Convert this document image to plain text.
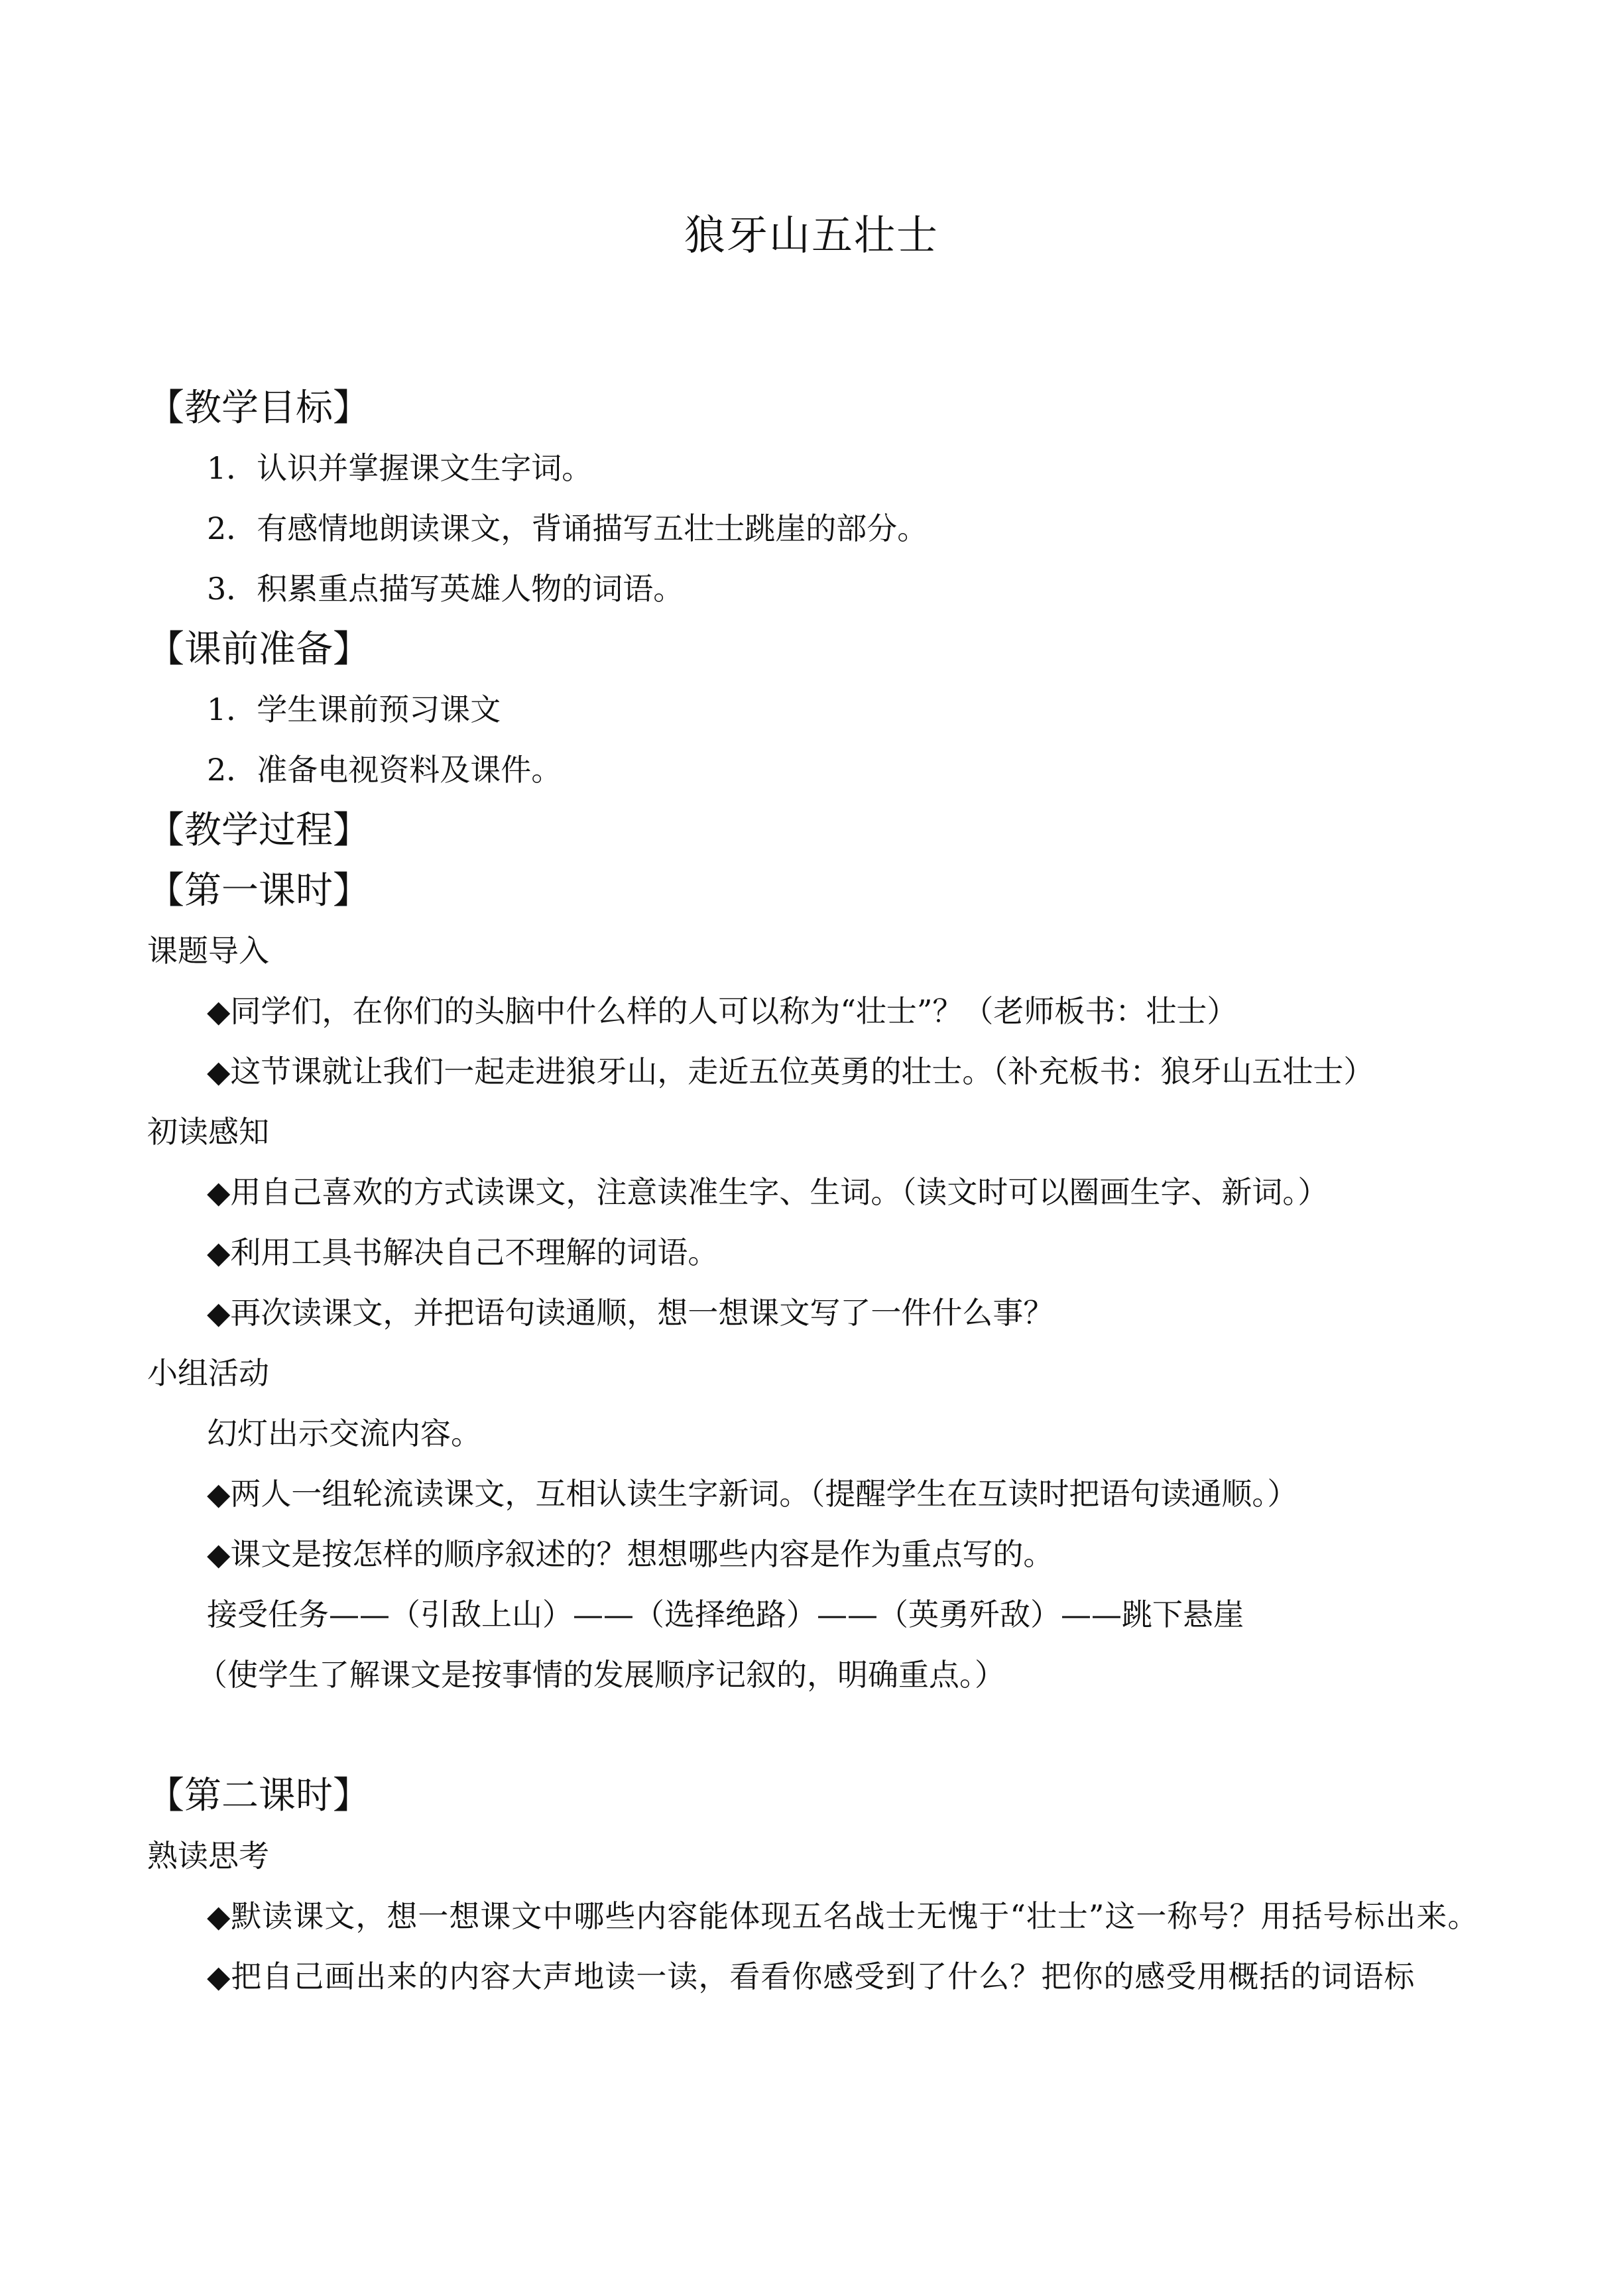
狼牙山五壮士
【教学目标】
1．认识并掌握课文生字词。
2．有感情地朗读课文，背诵描写五壮士跳崖的部分。
3．积累重点描写英雄人物的词语。
【课前准备】
1．学生课前预习课文
2．准备电视资料及课件。
【教学过程】
【第一课时】
课题导入
◆同学们，在你们的头脑中什么样的人可以称为“壮士”？（老师板书：壮士）
◆这节课就让我们一起走进狼牙山，走近五位英勇的壮士。（补充板书：狼牙山五壮士）
初读感知
◆用自己喜欢的方式读课文，注意读准生字、生词。（读文时可以圈画生字、新词。）
◆利用工具书解决自己不理解的词语。
◆再次读课文，并把语句读通顺，想一想课文写了一件什么事？
小组活动
幻灯出示交流内容。
◆两人一组轮流读课文，互相认读生字新词。（提醒学生在互读时把语句读通顺。）
◆课文是按怎样的顺序叙述的？想想哪些内容是作为重点写的。
接受任务——（引敌上山）——（选择绝路）——（英勇歼敌）——跳下悬崖
（使学生了解课文是按事情的发展顺序记叙的，明确重点。）
【第二课时】
熟读思考
◆默读课文，想一想课文中哪些内容能体现五名战士无愧于“壮士”这一称号？用括号标出来。
◆把自己画出来的内容大声地读一读，看看你感受到了什么？把你的感受用概括的词语标
